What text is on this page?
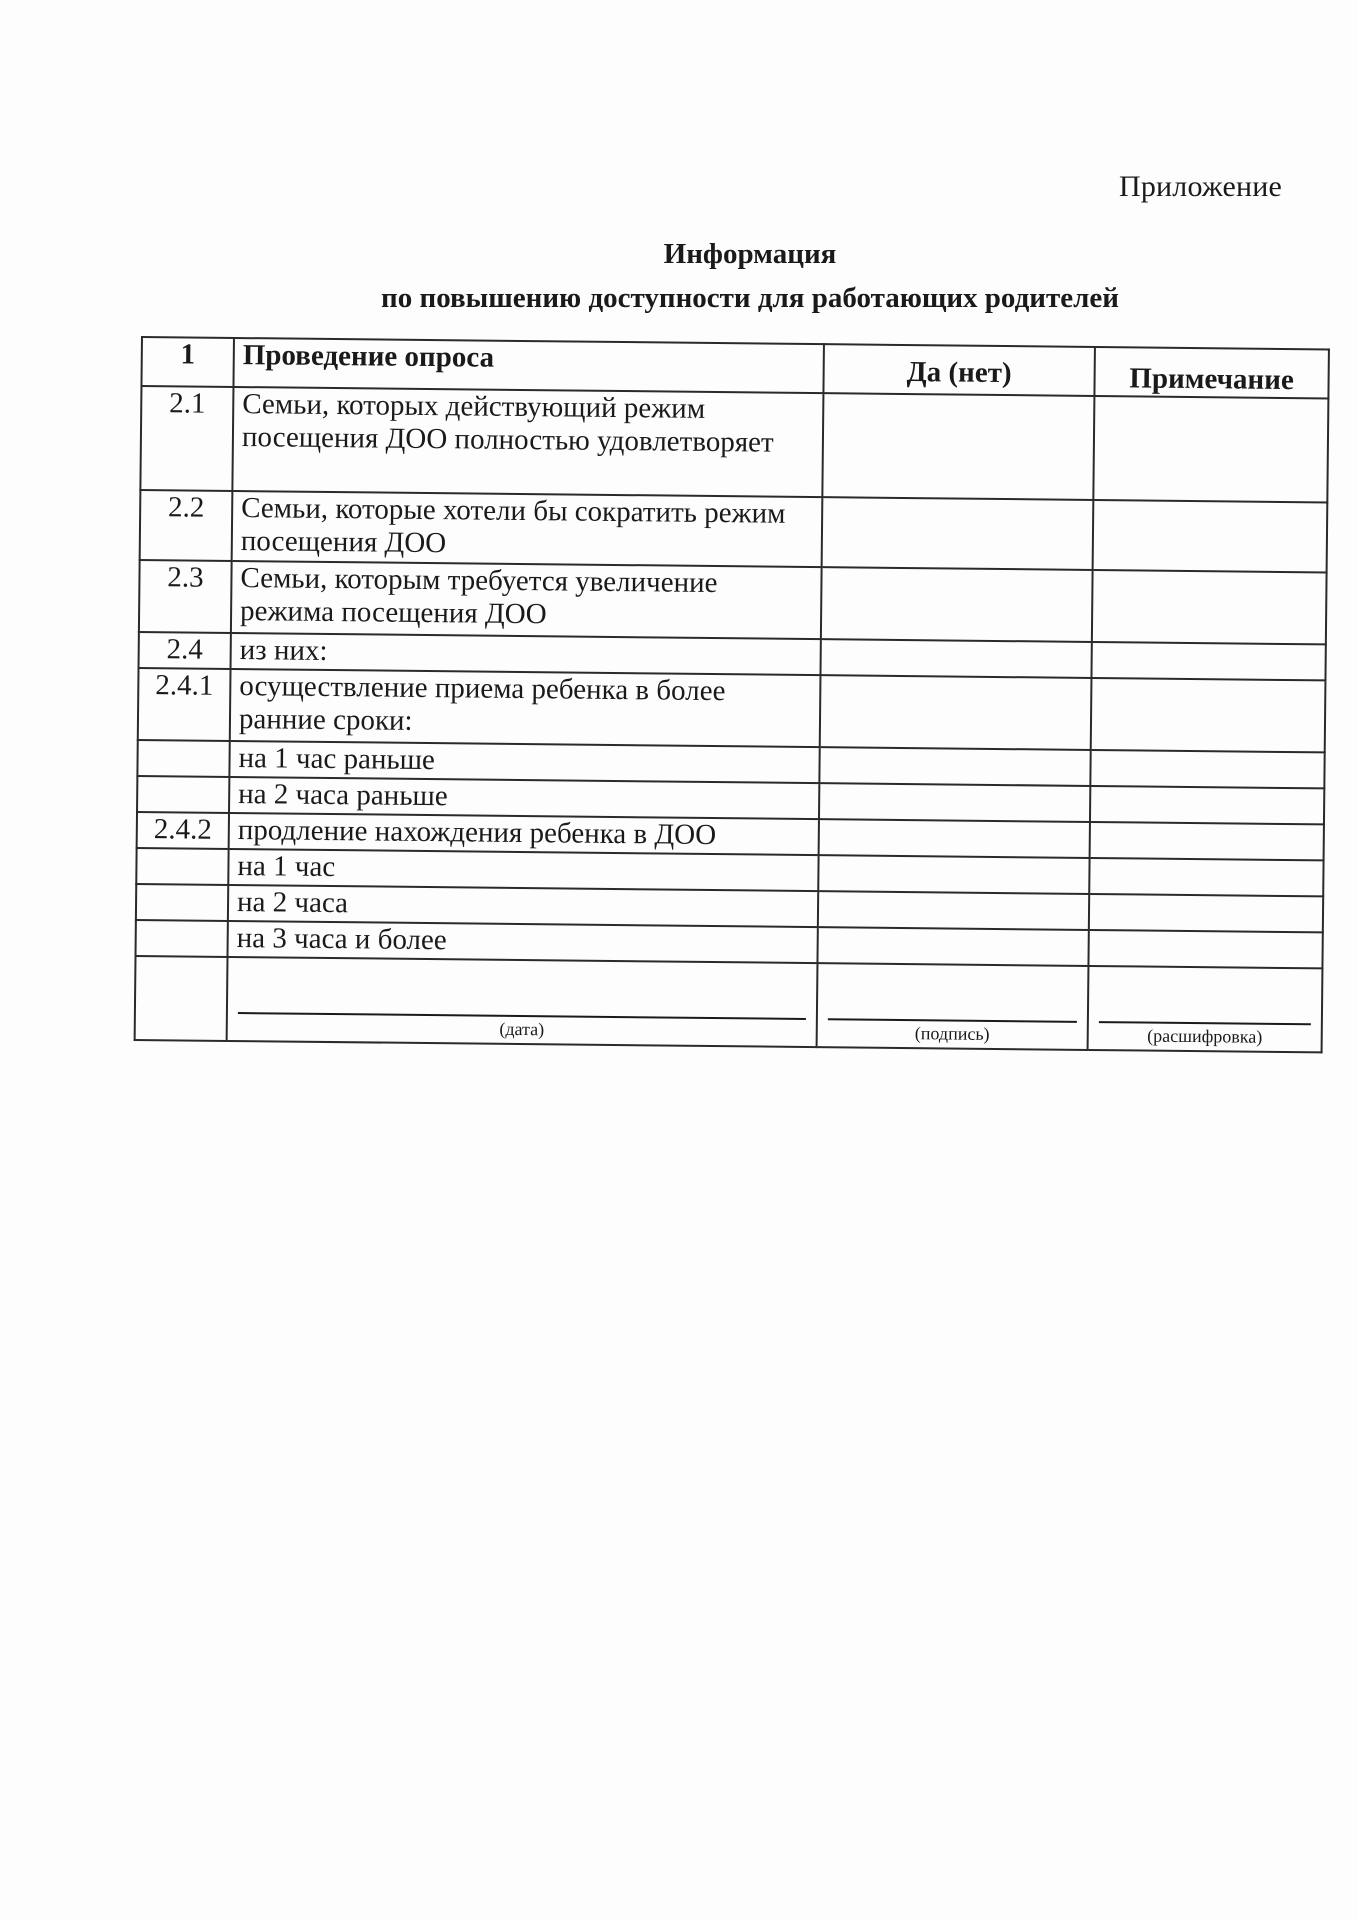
Приложение
Информация
по повышению доступности для работающих родителей
1	Проведение опроса	Да (нет)	Примечание
2.1	Семьи, которых действующий режим посещения ДОО полностью удовлетворяет		
2.2	Семьи, которые хотели бы сократить режим посещения ДОО		
2.3	Семьи, которым требуется увеличение режима посещения ДОО		
2.4	из них:		
2.4.1	осуществление приема ребенка в более ранние сроки:		
	на 1 час раньше		
	на 2 часа раньше		
2.4.2	продление нахождения ребенка в ДОО		
	на 1 час		
	на 2 часа		
	на 3 часа и более		

	(дата)	(подпись)	(расшифровка)
